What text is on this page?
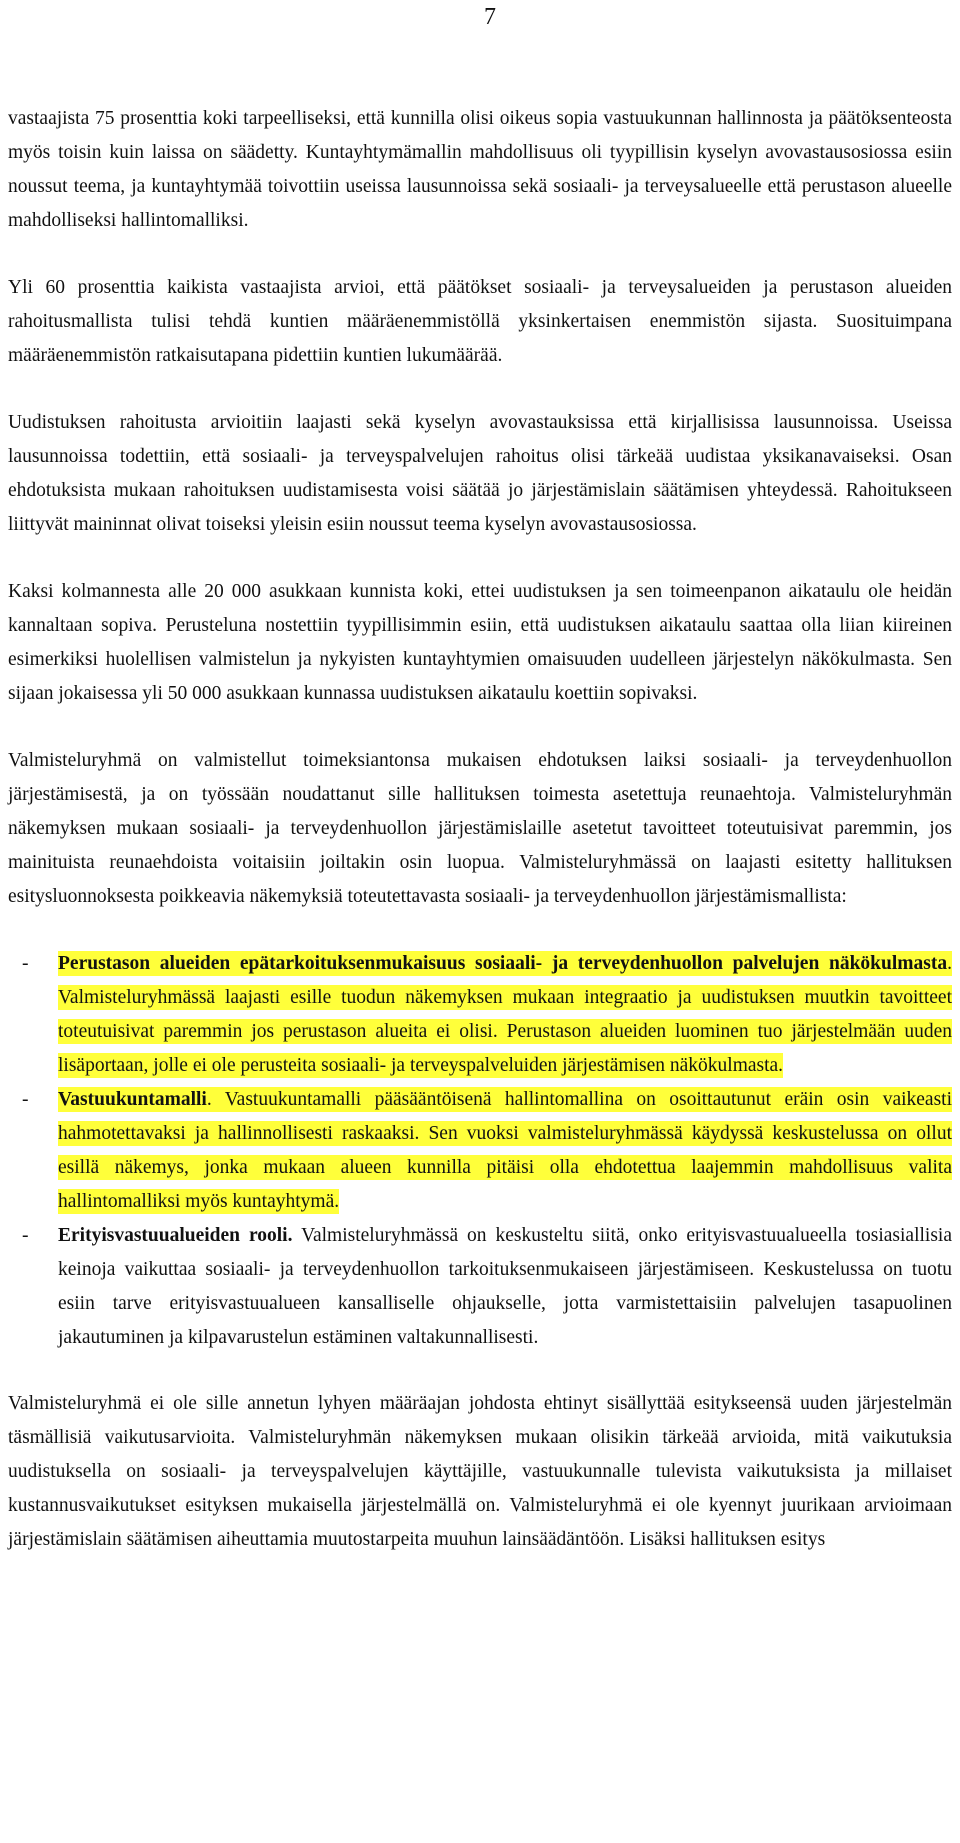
7

vastaajista 75 prosenttia koki tarpeelliseksi, että kunnilla olisi oikeus sopia vastuukunnan hallinnosta ja päätöksenteosta myös toisin kuin laissa on säädetty. Kuntayhtymämallin mahdollisuus oli tyypillisin kyselyn avovastausosiossa esiin noussut teema, ja kuntayhtymää toivottiin useissa lausunnoissa sekä sosiaali- ja terveysalueelle että perustason alueelle mahdolliseksi hallintomalliksi.

Yli 60 prosenttia kaikista vastaajista arvioi, että päätökset sosiaali- ja terveysalueiden ja perustason alueiden rahoitusmallista tulisi tehdä kuntien määräenemmistöllä yksinkertaisen enemmistön sijasta. Suosituimpana määräenemmistön ratkaisutapana pidettiin kuntien lukumäärää.

Uudistuksen rahoitusta arvioitiin laajasti sekä kyselyn avovastauksissa että kirjallisissa lausunnoissa. Useissa lausunnoissa todettiin, että sosiaali- ja terveyspalvelujen rahoitus olisi tärkeää uudistaa yksikanavaiseksi. Osan ehdotuksista mukaan rahoituksen uudistamisesta voisi säätää jo järjestämislain säätämisen yhteydessä. Rahoitukseen liittyvät maininnat olivat toiseksi yleisin esiin noussut teema kyselyn avovastausosiossa.

Kaksi kolmannesta alle 20 000 asukkaan kunnista koki, ettei uudistuksen ja sen toimeenpanon aikataulu ole heidän kannaltaan sopiva. Perusteluna nostettiin tyypillisimmin esiin, että uudistuksen aikataulu saattaa olla liian kiireinen esimerkiksi huolellisen valmistelun ja nykyisten kuntayhtymien omaisuuden uudelleen järjestelyn näkökulmasta. Sen sijaan jokaisessa yli 50 000 asukkaan kunnassa uudistuksen aikataulu koettiin sopivaksi.

Valmisteluryhmä on valmistellut toimeksiantonsa mukaisen ehdotuksen laiksi sosiaali- ja terveydenhuollon järjestämisestä, ja on työssään noudattanut sille hallituksen toimesta asetettuja reunaehtoja. Valmisteluryhmän näkemyksen mukaan sosiaali- ja terveydenhuollon järjestämislaille asetetut tavoitteet toteutuisivat paremmin, jos mainituista reunaehdoista voitaisiin joiltakin osin luopua. Valmisteluryhmässä on laajasti esitetty hallituksen esitysluonnoksesta poikkeavia näkemyksiä toteutettavasta sosiaali- ja terveydenhuollon järjestämismallista:

- Perustason alueiden epätarkoituksenmukaisuus sosiaali- ja terveydenhuollon palvelujen näkökulmasta. Valmisteluryhmässä laajasti esille tuodun näkemyksen mukaan integraatio ja uudistuksen muutkin tavoitteet toteutuisivat paremmin jos perustason alueita ei olisi. Perustason alueiden luominen tuo järjestelmään uuden lisäportaan, jolle ei ole perusteita sosiaali- ja terveyspalveluiden järjestämisen näkökulmasta.
- Vastuukuntamalli. Vastuukuntamalli pääsääntöisenä hallintomallina on osoittautunut eräin osin vaikeasti hahmotettavaksi ja hallinnollisesti raskaaksi. Sen vuoksi valmisteluryhmässä käydyssä keskustelussa on ollut esillä näkemys, jonka mukaan alueen kunnilla pitäisi olla ehdotettua laajemmin mahdollisuus valita hallintomalliksi myös kuntayhtymä.
- Erityisvastuualueiden rooli. Valmisteluryhmässä on keskusteltu siitä, onko erityisvastuualueella tosiasiallisia keinoja vaikuttaa sosiaali- ja terveydenhuollon tarkoituksenmukaiseen järjestämiseen. Keskustelussa on tuotu esiin tarve erityisvastuualueen kansalliselle ohjaukselle, jotta varmistettaisiin palvelujen tasapuolinen jakautuminen ja kilpavarustelun estäminen valtakunnallisesti.

Valmisteluryhmä ei ole sille annetun lyhyen määräajan johdosta ehtinyt sisällyttää esitykseensä uuden järjestelmän täsmällisiä vaikutusarvioita. Valmisteluryhmän näkemyksen mukaan olisikin tärkeää arvioida, mitä vaikutuksia uudistuksella on sosiaali- ja terveyspalvelujen käyttäjille, vastuukunnalle tulevista vaikutuksista ja millaiset kustannusvaikutukset esityksen mukaisella järjestelmällä on. Valmisteluryhmä ei ole kyennyt juurikaan arvioimaan järjestämislain säätämisen aiheuttamia muutostarpeita muuhun lainsäädäntöön. Lisäksi hallituksen esitys
